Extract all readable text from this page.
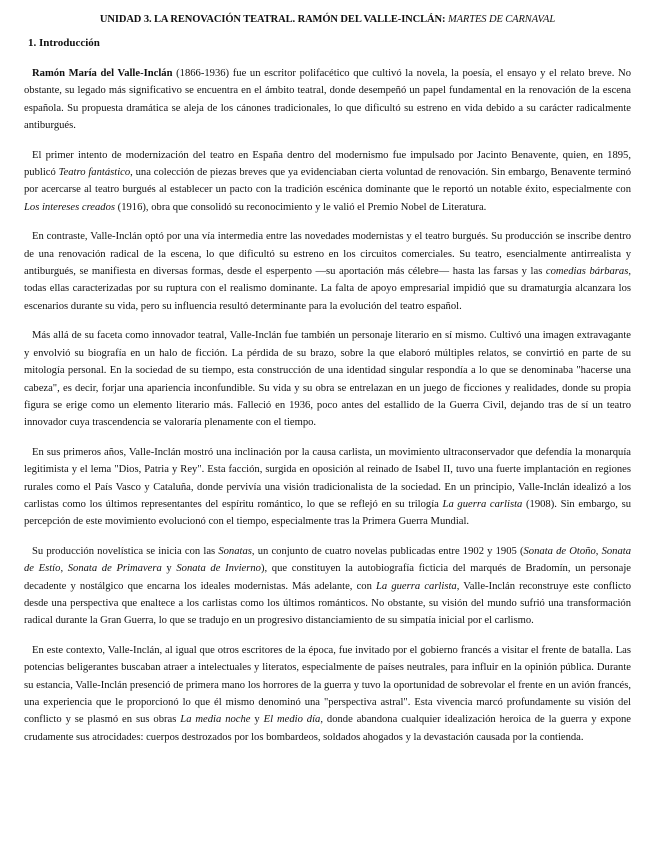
UNIDAD 3. LA RENOVACIÓN TEATRAL. RAMÓN DEL VALLE-INCLÁN: MARTES DE CARNAVAL
1. Introducción

Ramón María del Valle-Inclán (1866-1936) fue un escritor polifacético que cultivó la novela, la poesía, el ensayo y el relato breve. No obstante, su legado más significativo se encuentra en el ámbito teatral, donde desempeñó un papel fundamental en la renovación de la escena española. Su propuesta dramática se aleja de los cánones tradicionales, lo que dificultó su estreno en vida debido a su carácter radicalmente antiburgués.

El primer intento de modernización del teatro en España dentro del modernismo fue impulsado por Jacinto Benavente, quien, en 1895, publicó Teatro fantástico, una colección de piezas breves que ya evidenciaban cierta voluntad de renovación. Sin embargo, Benavente terminó por acercarse al teatro burgués al establecer un pacto con la tradición escénica dominante que le reportó un notable éxito, especialmente con Los intereses creados (1916), obra que consolidó su reconocimiento y le valió el Premio Nobel de Literatura.

En contraste, Valle-Inclán optó por una vía intermedia entre las novedades modernistas y el teatro burgués. Su producción se inscribe dentro de una renovación radical de la escena, lo que dificultó su estreno en los circuitos comerciales. Su teatro, esencialmente antirrealista y antiburgués, se manifiesta en diversas formas, desde el esperpento —su aportación más célebre— hasta las farsas y las comedias bárbaras, todas ellas caracterizadas por su ruptura con el realismo dominante. La falta de apoyo empresarial impidió que su dramaturgia alcanzara los escenarios durante su vida, pero su influencia resultó determinante para la evolución del teatro español.

Más allá de su faceta como innovador teatral, Valle-Inclán fue también un personaje literario en sí mismo. Cultivó una imagen extravagante y envolvió su biografía en un halo de ficción. La pérdida de su brazo, sobre la que elaboró múltiples relatos, se convirtió en parte de su mitología personal. En la sociedad de su tiempo, esta construcción de una identidad singular respondía a lo que se denominaba "hacerse una cabeza", es decir, forjar una apariencia inconfundible. Su vida y su obra se entrelazan en un juego de ficciones y realidades, donde su propia figura se erige como un elemento literario más. Falleció en 1936, poco antes del estallido de la Guerra Civil, dejando tras de sí un teatro innovador cuya trascendencia se valoraría plenamente con el tiempo.

En sus primeros años, Valle-Inclán mostró una inclinación por la causa carlista, un movimiento ultraconservador que defendía la monarquía legitimista y el lema "Dios, Patria y Rey". Esta facción, surgida en oposición al reinado de Isabel II, tuvo una fuerte implantación en regiones rurales como el País Vasco y Cataluña, donde pervivía una visión tradicionalista de la sociedad. En un principio, Valle-Inclán idealizó a los carlistas como los últimos representantes del espíritu romántico, lo que se reflejó en su trilogía La guerra carlista (1908). Sin embargo, su percepción de este movimiento evolucionó con el tiempo, especialmente tras la Primera Guerra Mundial.

Su producción novelística se inicia con las Sonatas, un conjunto de cuatro novelas publicadas entre 1902 y 1905 (Sonata de Otoño, Sonata de Estío, Sonata de Primavera y Sonata de Invierno), que constituyen la autobiografía ficticia del marqués de Bradomín, un personaje decadente y nostálgico que encarna los ideales modernistas. Más adelante, con La guerra carlista, Valle-Inclán reconstruye este conflicto desde una perspectiva que enaltece a los carlistas como los últimos románticos. No obstante, su visión del mundo sufrió una transformación radical durante la Gran Guerra, lo que se tradujo en un progresivo distanciamiento de su simpatía inicial por el carlismo.

En este contexto, Valle-Inclán, al igual que otros escritores de la época, fue invitado por el gobierno francés a visitar el frente de batalla. Las potencias beligerantes buscaban atraer a intelectuales y literatos, especialmente de países neutrales, para influir en la opinión pública. Durante su estancia, Valle-Inclán presenció de primera mano los horrores de la guerra y tuvo la oportunidad de sobrevolar el frente en un avión francés, una experiencia que le proporcionó lo que él mismo denominó una "perspectiva astral". Esta vivencia marcó profundamente su visión del conflicto y se plasmó en sus obras La media noche y El medio día, donde abandona cualquier idealización heroica de la guerra y expone crudamente sus atrocidades: cuerpos destrozados por los bombardeos, soldados ahogados y la devastación causada por la contienda.
